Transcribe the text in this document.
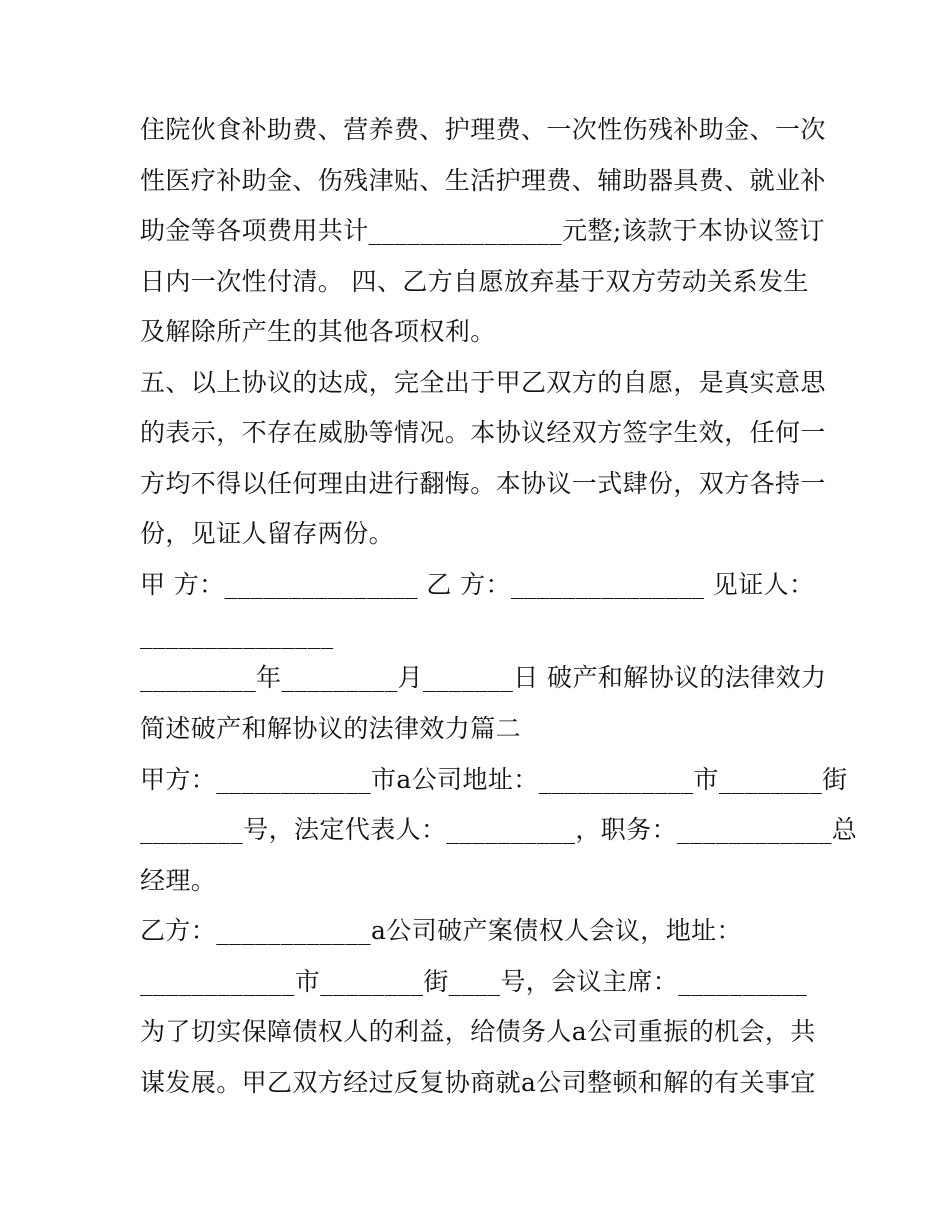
住院伙食补助费、营养费、护理费、一次性伤残补助金、一次
性医疗补助金、伤残津贴、生活护理费、辅助器具费、就业补
助金等各项费用共计_______________元整;该款于本协议签订
日内一次性付清。 四、乙方自愿放弃基于双方劳动关系发生
及解除所产生的其他各项权利。
五、以上协议的达成，完全出于甲乙双方的自愿，是真实意思
的表示，不存在威胁等情况。本协议经双方签字生效，任何一
方均不得以任何理由进行翻悔。本协议一式肆份，双方各持一
份，见证人留存两份。
甲 方：_______________ 乙 方：_______________ 见证人：
_______________
_________年_________月_______日 破产和解协议的法律效力
简述破产和解协议的法律效力篇二
甲方：____________市a公司地址：____________市________街
________号，法定代表人：__________，职务：____________总
经理。
乙方：____________a公司破产案债权人会议，地址：
____________市________街____号，会议主席：__________
为了切实保障债权人的利益，给债务人a公司重振的机会，共
谋发展。甲乙双方经过反复协商就a公司整顿和解的有关事宜
